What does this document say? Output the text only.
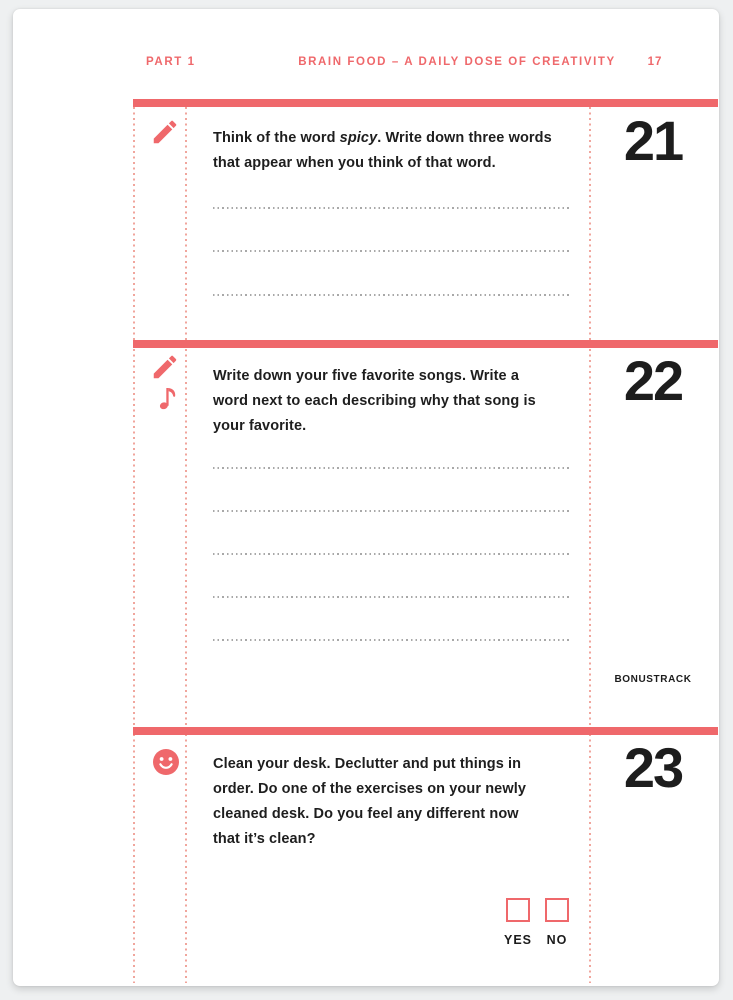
PART 1	BRAIN FOOD – A DAILY DOSE OF CREATIVITY	17
Think of the word spicy. Write down three words
that appear when you think of that word.	21
Write down your five favorite songs. Write a
word next to each describing why that song is
your favorite.
22
BONUSTRACK
Clean your desk. Declutter and put things in
order. Do one of the exercises on your newly
cleaned desk. Do you feel any different now
that it’s clean?
23
YES	NO
